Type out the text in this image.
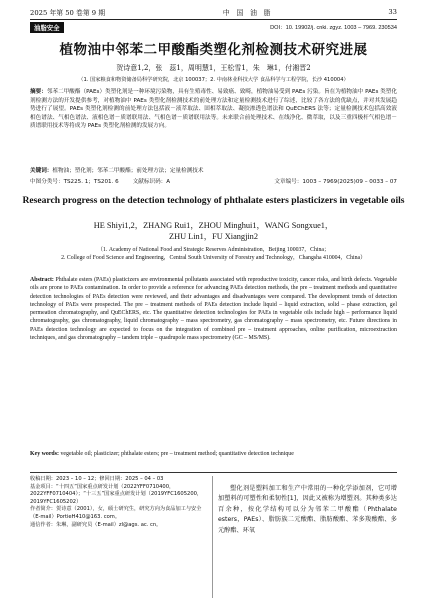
2025 年第 50 卷第 9 期	中　国　油　脂	33
油脂安全	DOI：10. 19902/j. cnki. zgyz. 1003 – 7969. 230534
植物油中邻苯二甲酸酯类塑化剂检测技术研究进展
贺诗意1,2，张　蕊1，周明慧1，王松雪1，朱　琳1，付湘晋2
（1. 国家粮食和物资储备局科学研究院，北京 100037；2. 中南林业科技大学 食品科学与工程学院，长沙 410004）
摘要：邻苯二甲酸酯（PAEs）类塑化剂是一种环境污染物，具有生殖毒性、易致癌、致畸，植物油易受到 PAEs 污染。旨在为植物油中 PAEs 类塑化剂检测方法的开发提供参考，对植物油中 PAEs 类塑化剂检测技术的前处理方法和定量检测技术进行了综述，比较了各方法的优缺点，并对其发展趋势进行了展望。PAEs 类塑化剂检测的前处理方法包括液－液萃取法、固相萃取法、凝胶渗透色谱法和 QuEChERS 法等；定量检测技术包括高效液相色谱法、气相色谱法、液相色谱－质谱联用法、气相色谱－质谱联用法等。未来联合前处理技术、在线净化、微萃取，以及三重四极杆气相色谱－质谱联用技术等将成为 PAEs 类塑化剂检测的发展方向。
关键词：植物油；塑化剂；邻苯二甲酸酯；前处理方法；定量检测技术
中图分类号：TS225. 1；TS201. 6	文献标识码：A	文章编号：1003 – 7969(2025)09 – 0033 – 07
Research progress on the detection technology of phthalate esters plasticizers in vegetable oils
HE Shiyi1,2，ZHANG Rui1，ZHOU Minghui1，WANG Songxue1，
ZHU Lin1，FU Xiangjin2
（1. Academy of National Food and Strategic Reserves Administration，Beijing 100037，China；
2. College of Food Science and Engineering，Central South University of Forestry and Technology，Changsha 410004，China）
Abstract: Phthalate esters (PAEs) plasticizers are environmental pollutants associated with reproductive toxicity, cancer risks, and birth defects. Vegetable oils are prone to PAEs contamination. In order to provide a reference for advancing PAEs detection methods, the pre – treatment methods and quantitative detection technologies of PAEs detection were reviewed, and their advantages and disadvantages were compared. The development trends of detection technology of PAEs were prospected. The pre – treatment methods of PAEs detection include liquid – liquid extraction, solid – phase extraction, gel permeation chromatography, and QuEChERS, etc. The quantitative detection technologies for PAEs in vegetable oils include high – performance liquid chromatography, gas chromatography, liquid chromatography – mass spectrometry, gas chromatography – mass spectrometry, etc. Future directions in PAEs detection technology are expected to focus on the integration of combined pre – treatment approaches, online purification, microextraction techniques, and gas chromatography – tandem triple – quadrupole mass spectrometry (GC – MS/MS).
Key words: vegetable oil; plasticizer; phthalate esters; pre – treatment method; quantitative detection technique
收稿日期：2023 – 10 – 12；修回日期：2025 – 04 – 03
基金项目：“十四五”国家重点研发计划（2022YFF0710400，2022YFF0710404）；“十三五”国家重点研发计划（2019YFC1605200，2019YFC1605202）
作者简介：贺诗意（2001），女，硕士研究生，研究方向为食品加工与安全（E-mail）PortieH410@163. com。
通信作者：朱琳，副研究员（E-mail）zl@ags. ac. cn。
塑化剂是塑料加工和生产中常用的一种化学添加剂，它可增加塑料的可塑性和柔韧性[1]，因此又被称为增塑剂。其种类多达百余种，按化学结构可以分为邻苯二甲酸酯（Phthalate esters，PAEs）、脂肪族二元酸酯、脂肪酸酯、苯多羧酸酯、多元醇酯、环氧
